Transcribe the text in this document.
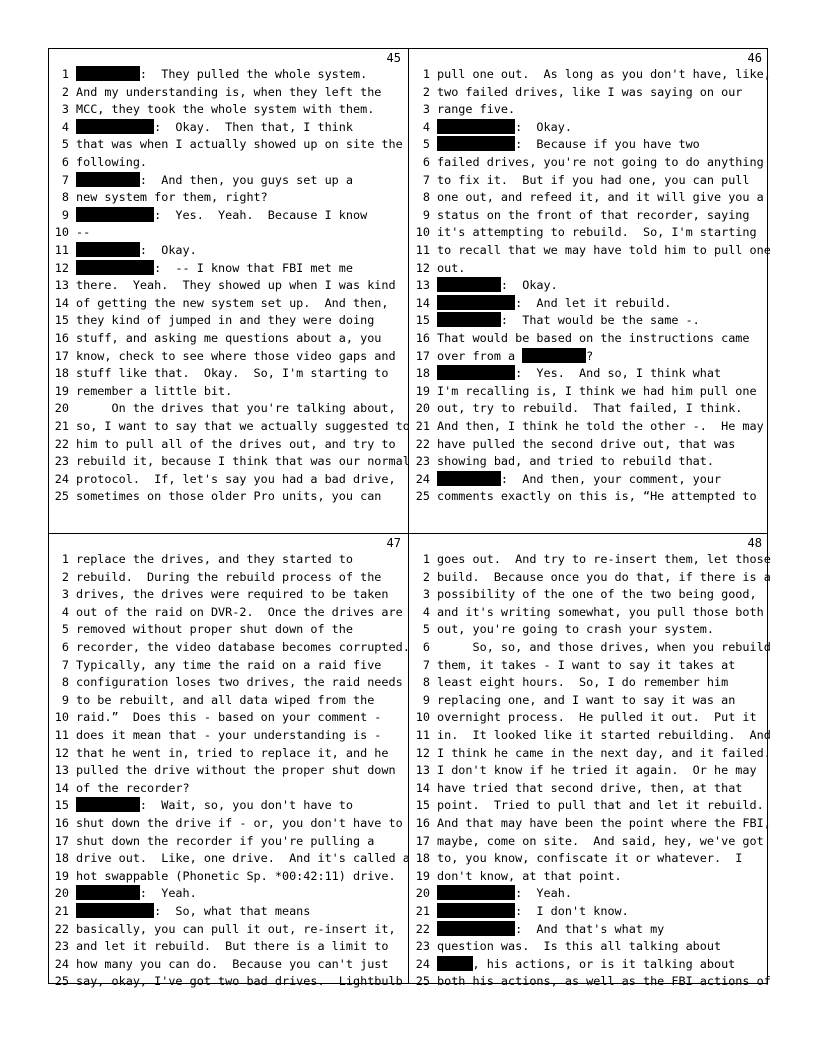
45
1	:  They pulled the whole system.
2 And my understanding is, when they left the
3 MCC, they took the whole system with them.
4	:  Okay.  Then that, I think
5 that was when I actually showed up on site the
6 following.
7	:  And then, you guys set up a
8 new system for them, right?
9	:  Yes.  Yeah.  Because I know
10 --
11	:  Okay.
12	:  -- I know that FBI met me
13 there.  Yeah.  They showed up when I was kind
14 of getting the new system set up.  And then,
15 they kind of jumped in and they were doing
16 stuff, and asking me questions about a, you
17 know, check to see where those video gaps and
18 stuff like that.  Okay.  So, I'm starting to
19 remember a little bit.
20 On the drives that you're talking about,
21 so, I want to say that we actually suggested to
22 him to pull all of the drives out, and try to
23 rebuild it, because I think that was our normal
24 protocol.  If, let's say you had a bad drive,
25 sometimes on those older Pro units, you can
46
1 pull one out.  As long as you don't have, like,
2 two failed drives, like I was saying on our
3 range five.
4	:  Okay.
5	:  Because if you have two
6 failed drives, you're not going to do anything
7 to fix it.  But if you had one, you can pull
8 one out, and refeed it, and it will give you a
9 status on the front of that recorder, saying
10 it's attempting to rebuild.  So, I'm starting
11 to recall that we may have told him to pull one
12 out.
13	:  Okay.
14	:  And let it rebuild.
15	:  That would be the same -.
16 That would be based on the instructions came
17 over from a	?
18	:  Yes.  And so, I think what
19 I'm recalling is, I think we had him pull one
20 out, try to rebuild.  That failed, I think.
21 And then, I think he told the other -.  He may
22 have pulled the second drive out, that was
23 showing bad, and tried to rebuild that.
24	:  And then, your comment, your
25 comments exactly on this is, “He attempted to
47
1 replace the drives, and they started to
2 rebuild.  During the rebuild process of the
3 drives, the drives were required to be taken
4 out of the raid on DVR-2.  Once the drives are
5 removed without proper shut down of the
6 recorder, the video database becomes corrupted.
7 Typically, any time the raid on a raid five
8 configuration loses two drives, the raid needs
9 to be rebuilt, and all data wiped from the
10 raid.”  Does this - based on your comment -
11 does it mean that - your understanding is -
12 that he went in, tried to replace it, and he
13 pulled the drive without the proper shut down
14 of the recorder?
15	:  Wait, so, you don't have to
16 shut down the drive if - or, you don't have to
17 shut down the recorder if you're pulling a
18 drive out.  Like, one drive.  And it's called a
19 hot swappable (Phonetic Sp. *00:42:11) drive.
20	:  Yeah.
21	:  So, what that means
22 basically, you can pull it out, re-insert it,
23 and let it rebuild.  But there is a limit to
24 how many you can do.  Because you can't just
25 say, okay, I've got two bad drives.  Lightbulb
48
1 goes out.  And try to re-insert them, let those
2 build.  Because once you do that, if there is a
3 possibility of the one of the two being good,
4 and it's writing somewhat, you pull those both
5 out, you're going to crash your system.
6 So, so, and those drives, when you rebuild
7 them, it takes - I want to say it takes at
8 least eight hours.  So, I do remember him
9 replacing one, and I want to say it was an
10 overnight process.  He pulled it out.  Put it
11 in.  It looked like it started rebuilding.  And
12 I think he came in the next day, and it failed.
13 I don't know if he tried it again.  Or he may
14 have tried that second drive, then, at that
15 point.  Tried to pull that and let it rebuild.
16 And that may have been the point where the FBI,
17 maybe, come on site.  And said, hey, we've got
18 to, you know, confiscate it or whatever.  I
19 don't know, at that point.
20	:  Yeah.
21	:  I don't know.
22	:  And that's what my
23 question was.  Is this all talking about
24	, his actions, or is it talking about
25 both his actions, as well as the FBI actions of
